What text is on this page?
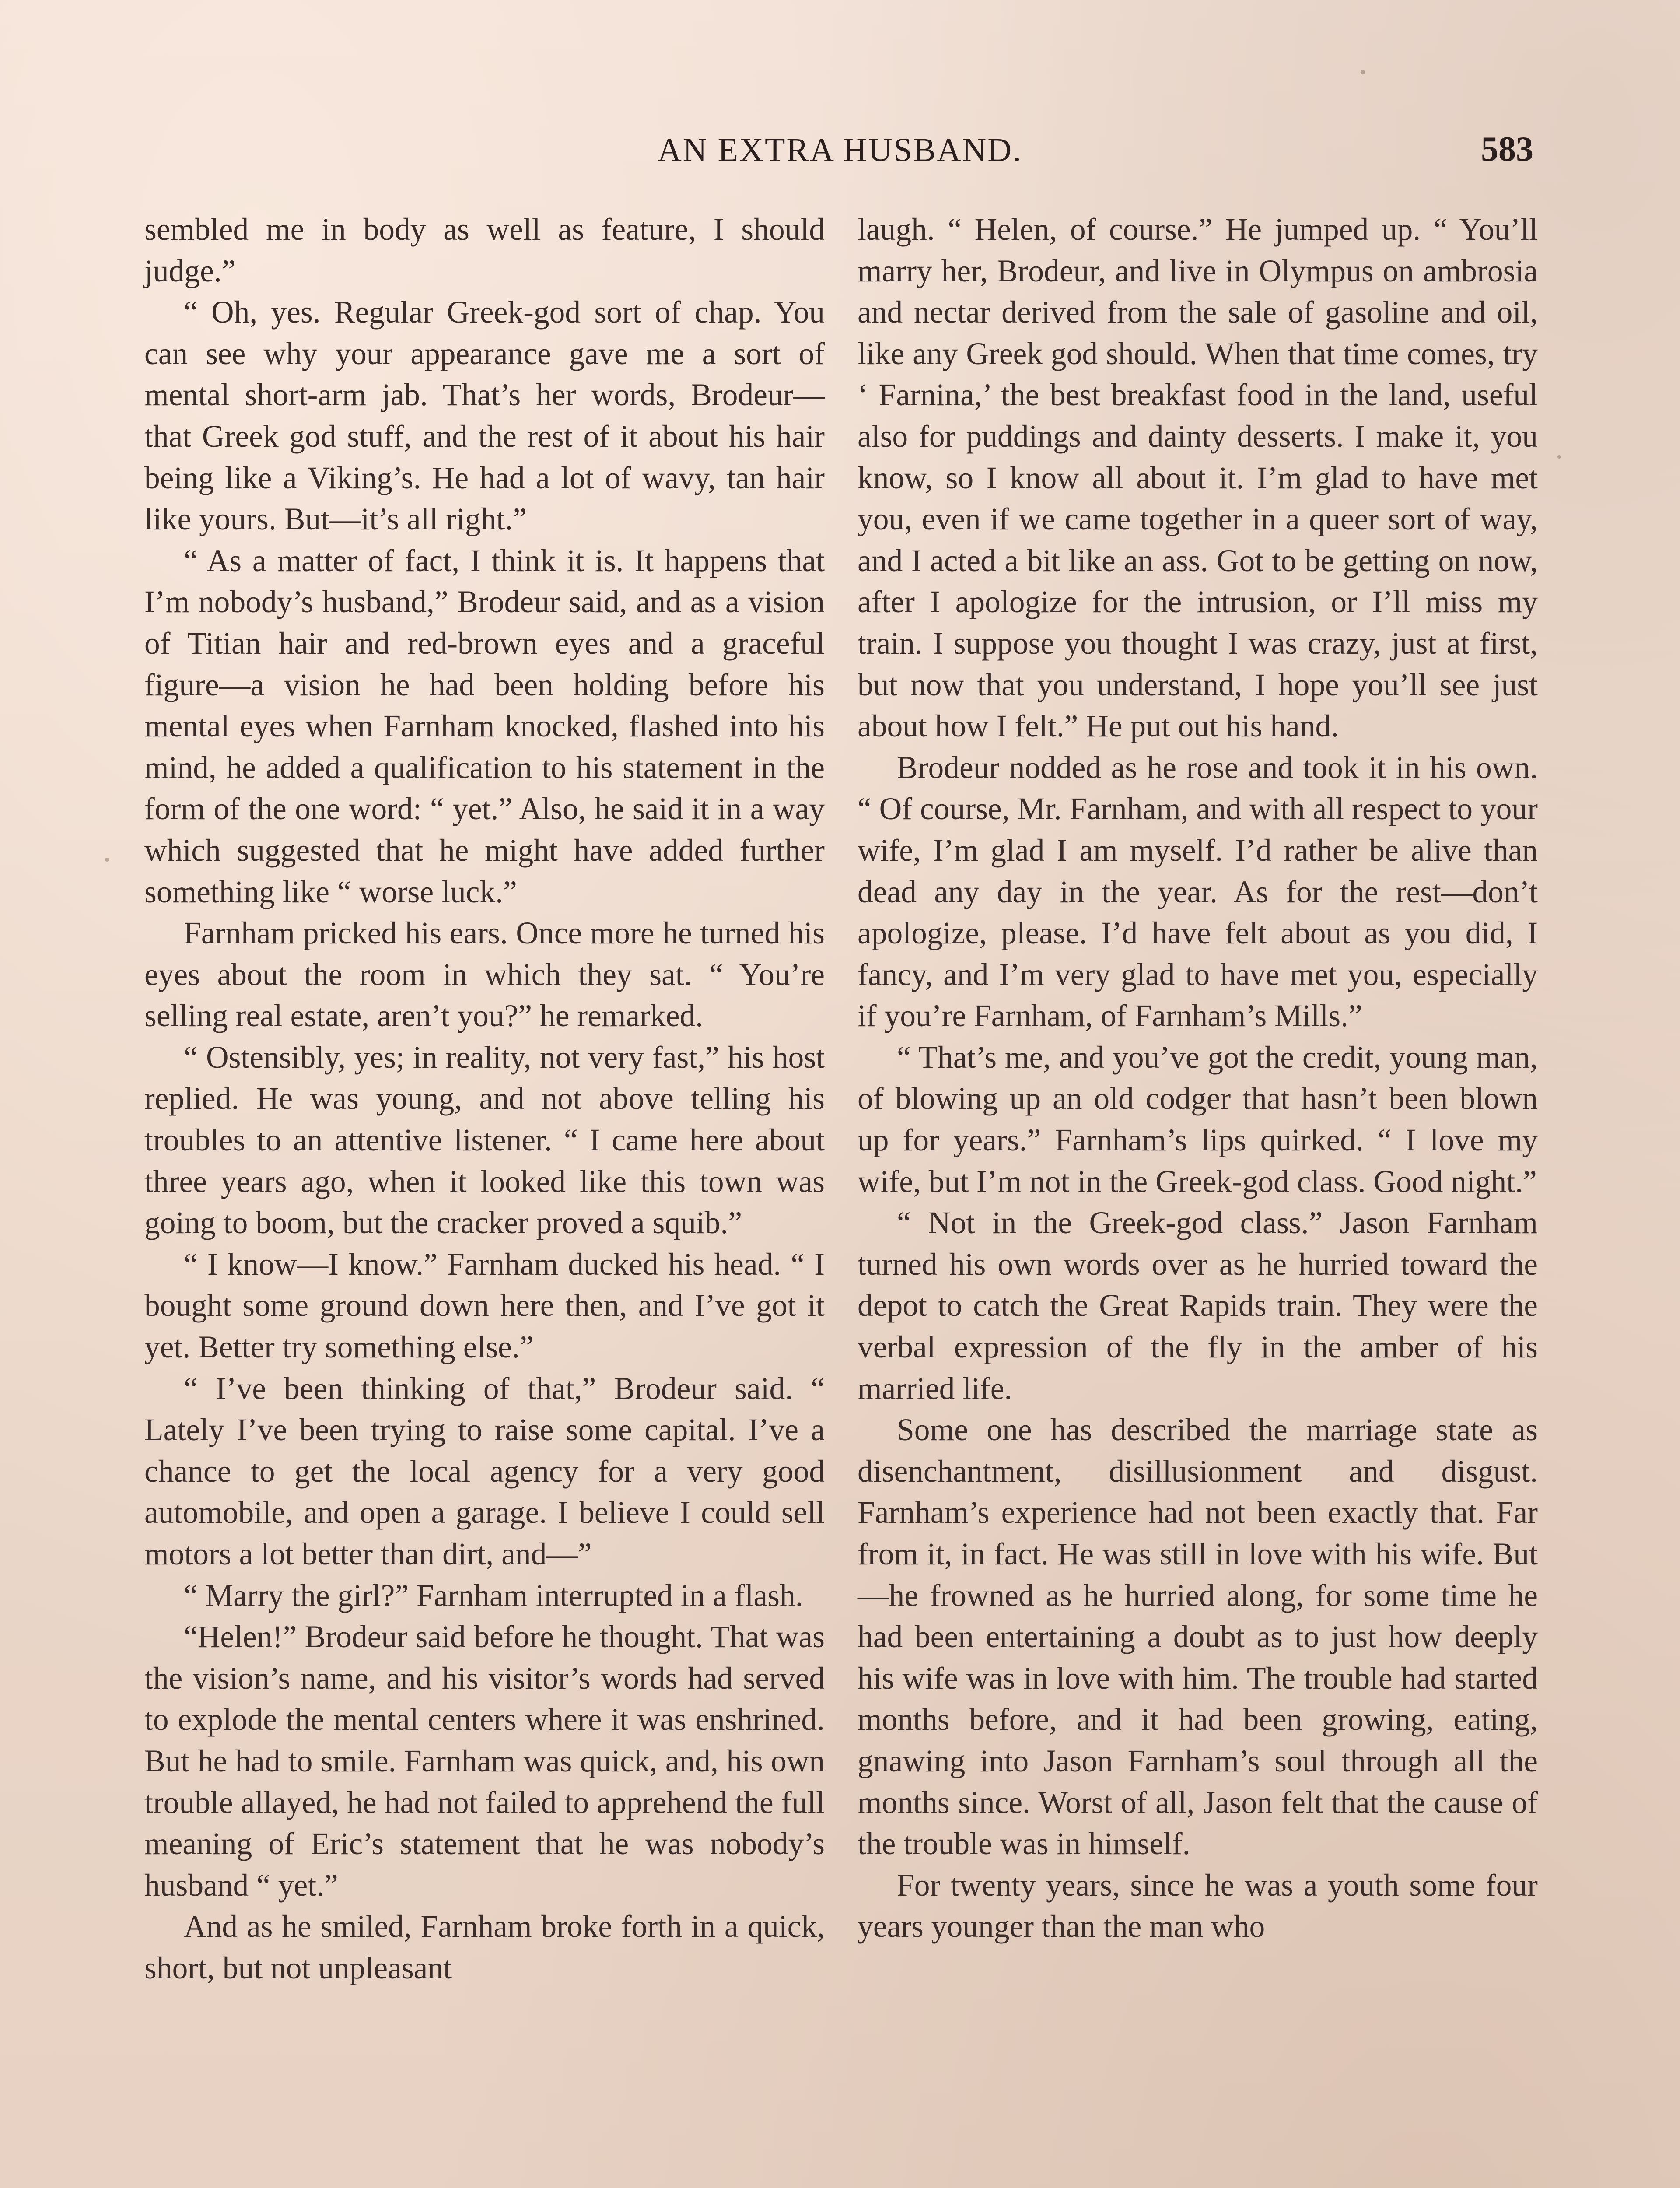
AN EXTRA HUSBAND.	583

sembled me in body as well as feature, I should judge.”

“ Oh, yes. Regular Greek-god sort of chap. You can see why your appearance gave me a sort of mental short-arm jab. That’s her words, Brodeur—that Greek god stuff, and the rest of it about his hair being like a Viking’s. He had a lot of wavy, tan hair like yours. But—it’s all right.”

“ As a matter of fact, I think it is. It happens that I’m nobody’s husband,” Brodeur said, and as a vision of Titian hair and red-brown eyes and a graceful figure—a vision he had been holding before his mental eyes when Farnham knocked, flashed into his mind, he added a qualification to his statement in the form of the one word: “ yet.” Also, he said it in a way which suggested that he might have added further something like “ worse luck.”

Farnham pricked his ears. Once more he turned his eyes about the room in which they sat. “ You’re selling real estate, aren’t you?” he remarked.

“ Ostensibly, yes; in reality, not very fast,” his host replied. He was young, and not above telling his troubles to an attentive listener. “ I came here about three years ago, when it looked like this town was going to boom, but the cracker proved a squib.”

“ I know—I know.” Farnham ducked his head. “ I bought some ground down here then, and I’ve got it yet. Better try something else.”

“ I’ve been thinking of that,” Brodeur said. “ Lately I’ve been trying to raise some capital. I’ve a chance to get the local agency for a very good automobile, and open a garage. I believe I could sell motors a lot better than dirt, and—”

“ Marry the girl?” Farnham interrupted in a flash.

“Helen!” Brodeur said before he thought. That was the vision’s name, and his visitor’s words had served to explode the mental centers where it was enshrined. But he had to smile. Farnham was quick, and, his own trouble allayed, he had not failed to apprehend the full meaning of Eric’s statement that he was nobody’s husband “ yet.”

And as he smiled, Farnham broke forth in a quick, short, but not unpleasant

laugh. “ Helen, of course.” He jumped up. “ You’ll marry her, Brodeur, and live in Olympus on ambrosia and nectar derived from the sale of gasoline and oil, like any Greek god should. When that time comes, try ‘ Farnina,’ the best breakfast food in the land, useful also for puddings and dainty desserts. I make it, you know, so I know all about it. I’m glad to have met you, even if we came together in a queer sort of way, and I acted a bit like an ass. Got to be getting on now, after I apologize for the intrusion, or I’ll miss my train. I suppose you thought I was crazy, just at first, but now that you understand, I hope you’ll see just about how I felt.” He put out his hand.

Brodeur nodded as he rose and took it in his own. “ Of course, Mr. Farnham, and with all respect to your wife, I’m glad I am myself. I’d rather be alive than dead any day in the year. As for the rest—don’t apologize, please. I’d have felt about as you did, I fancy, and I’m very glad to have met you, especially if you’re Farnham, of Farnham’s Mills.”

“ That’s me, and you’ve got the credit, young man, of blowing up an old codger that hasn’t been blown up for years.” Farnham’s lips quirked. “ I love my wife, but I’m not in the Greek-god class. Good night.”

“ Not in the Greek-god class.” Jason Farnham turned his own words over as he hurried toward the depot to catch the Great Rapids train. They were the verbal expression of the fly in the amber of his married life.

Some one has described the marriage state as disenchantment, disillusionment and disgust. Farnham’s experience had not been exactly that. Far from it, in fact. He was still in love with his wife. But—he frowned as he hurried along, for some time he had been entertaining a doubt as to just how deeply his wife was in love with him. The trouble had started months before, and it had been growing, eating, gnawing into Jason Farnham’s soul through all the months since. Worst of all, Jason felt that the cause of the trouble was in himself.

For twenty years, since he was a youth some four years younger than the man who
